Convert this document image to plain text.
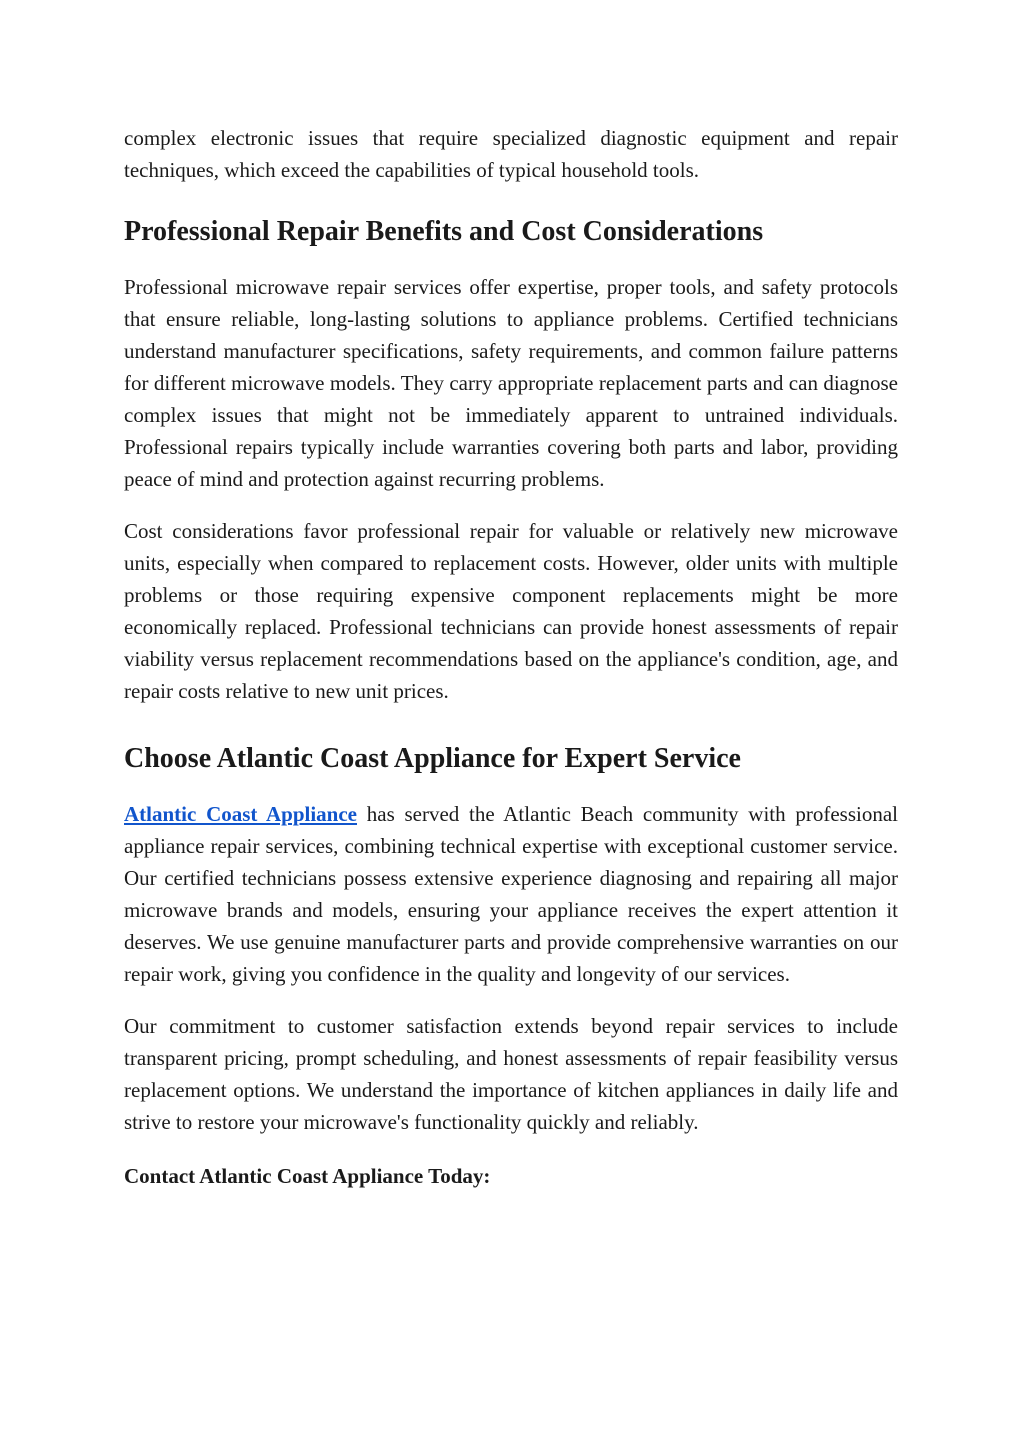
complex electronic issues that require specialized diagnostic equipment and repair techniques, which exceed the capabilities of typical household tools.

Professional Repair Benefits and Cost Considerations

Professional microwave repair services offer expertise, proper tools, and safety protocols that ensure reliable, long-lasting solutions to appliance problems. Certified technicians understand manufacturer specifications, safety requirements, and common failure patterns for different microwave models. They carry appropriate replacement parts and can diagnose complex issues that might not be immediately apparent to untrained individuals. Professional repairs typically include warranties covering both parts and labor, providing peace of mind and protection against recurring problems.

Cost considerations favor professional repair for valuable or relatively new microwave units, especially when compared to replacement costs. However, older units with multiple problems or those requiring expensive component replacements might be more economically replaced. Professional technicians can provide honest assessments of repair viability versus replacement recommendations based on the appliance's condition, age, and repair costs relative to new unit prices.

Choose Atlantic Coast Appliance for Expert Service

Atlantic Coast Appliance has served the Atlantic Beach community with professional appliance repair services, combining technical expertise with exceptional customer service. Our certified technicians possess extensive experience diagnosing and repairing all major microwave brands and models, ensuring your appliance receives the expert attention it deserves. We use genuine manufacturer parts and provide comprehensive warranties on our repair work, giving you confidence in the quality and longevity of our services.

Our commitment to customer satisfaction extends beyond repair services to include transparent pricing, prompt scheduling, and honest assessments of repair feasibility versus replacement options. We understand the importance of kitchen appliances in daily life and strive to restore your microwave's functionality quickly and reliably.

Contact Atlantic Coast Appliance Today:
